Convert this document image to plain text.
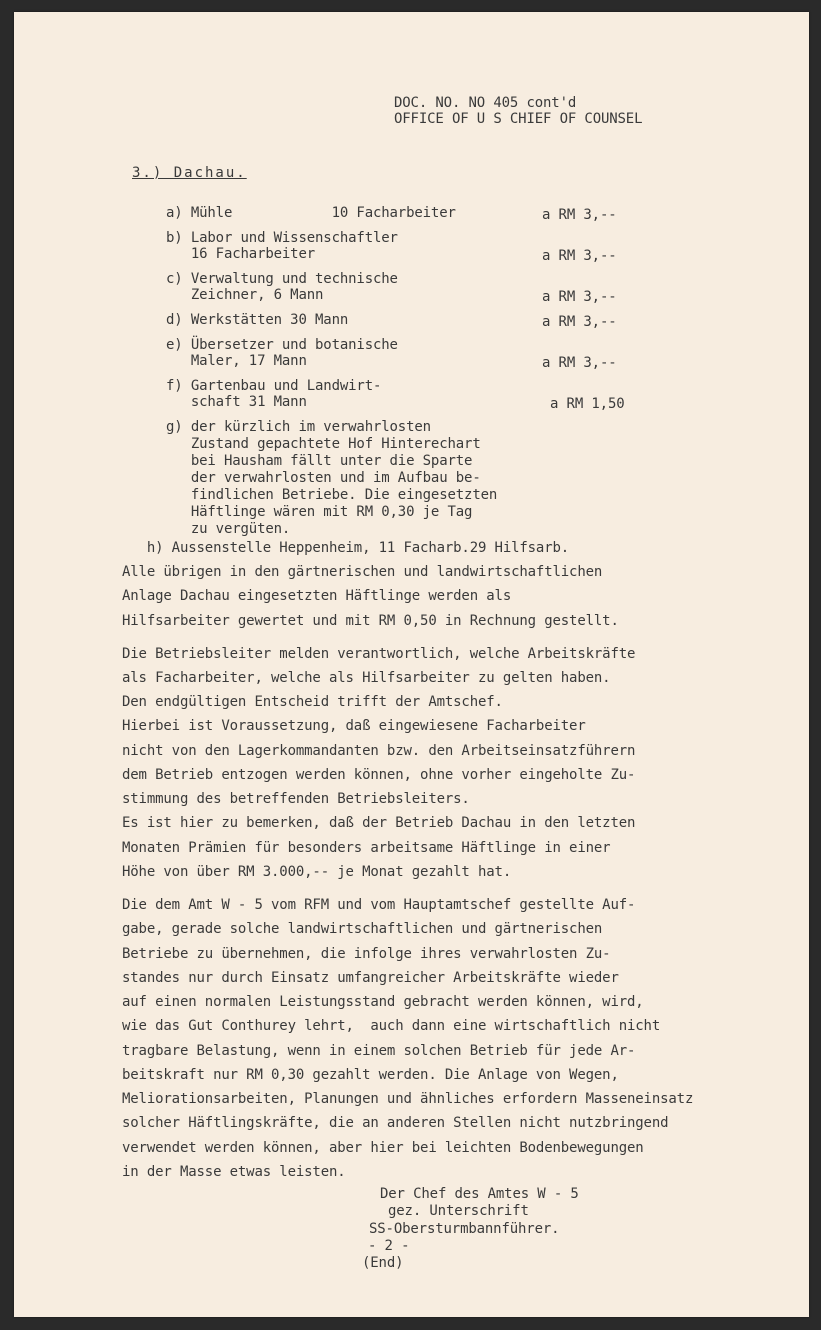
DOC. NO. NO 405 cont'd
OFFICE OF U S CHIEF OF COUNSEL
3.) Dachau.
a) Mühle            10 Facharbeiter	a RM 3,--
b) Labor und Wissenschaftler
16 Facharbeiter	a RM 3,--
c) Verwaltung und technische
Zeichner, 6 Mann	a RM 3,--
d) Werkstätten 30 Mann	a RM 3,--
e) Übersetzer und botanische
Maler, 17 Mann	a RM 3,--
f) Gartenbau und Landwirt-
schaft 31 Mann	a RM 1,50
g) der kürzlich im verwahrlosten
Zustand gepachtete Hof Hinterechart
bei Hausham fällt unter die Sparte
der verwahrlosten und im Aufbau be-
findlichen Betriebe. Die eingesetzten
Häftlinge wären mit RM 0,30 je Tag
zu vergüten.
h) Aussenstelle Heppenheim, 11 Facharb.29 Hilfsarb.
Alle übrigen in den gärtnerischen und landwirtschaftlichen
Anlage Dachau eingesetzten Häftlinge werden als
Hilfsarbeiter gewertet und mit RM 0,50 in Rechnung gestellt.
Die Betriebsleiter melden verantwortlich, welche Arbeitskräfte
als Facharbeiter, welche als Hilfsarbeiter zu gelten haben.
Den endgültigen Entscheid trifft der Amtschef.
Hierbei ist Voraussetzung, daß eingewiesene Facharbeiter
nicht von den Lagerkommandanten bzw. den Arbeitseinsatzführern
dem Betrieb entzogen werden können, ohne vorher eingeholte Zu-
stimmung des betreffenden Betriebsleiters.
Es ist hier zu bemerken, daß der Betrieb Dachau in den letzten
Monaten Prämien für besonders arbeitsame Häftlinge in einer
Höhe von über RM 3.000,-- je Monat gezahlt hat.
Die dem Amt W - 5 vom RFM und vom Hauptamtschef gestellte Auf-
gabe, gerade solche landwirtschaftlichen und gärtnerischen
Betriebe zu übernehmen, die infolge ihres verwahrlosten Zu-
standes nur durch Einsatz umfangreicher Arbeitskräfte wieder
auf einen normalen Leistungsstand gebracht werden können, wird,
wie das Gut Conthurey lehrt,  auch dann eine wirtschaftlich nicht
tragbare Belastung, wenn in einem solchen Betrieb für jede Ar-
beitskraft nur RM 0,30 gezahlt werden. Die Anlage von Wegen,
Meliorationsarbeiten, Planungen und ähnliches erfordern Masseneinsatz
solcher Häftlingskräfte, die an anderen Stellen nicht nutzbringend
verwendet werden können, aber hier bei leichten Bodenbewegungen
in der Masse etwas leisten.
Der Chef des Amtes W - 5
gez. Unterschrift
SS-Obersturmbannführer.
- 2 -
(End)
